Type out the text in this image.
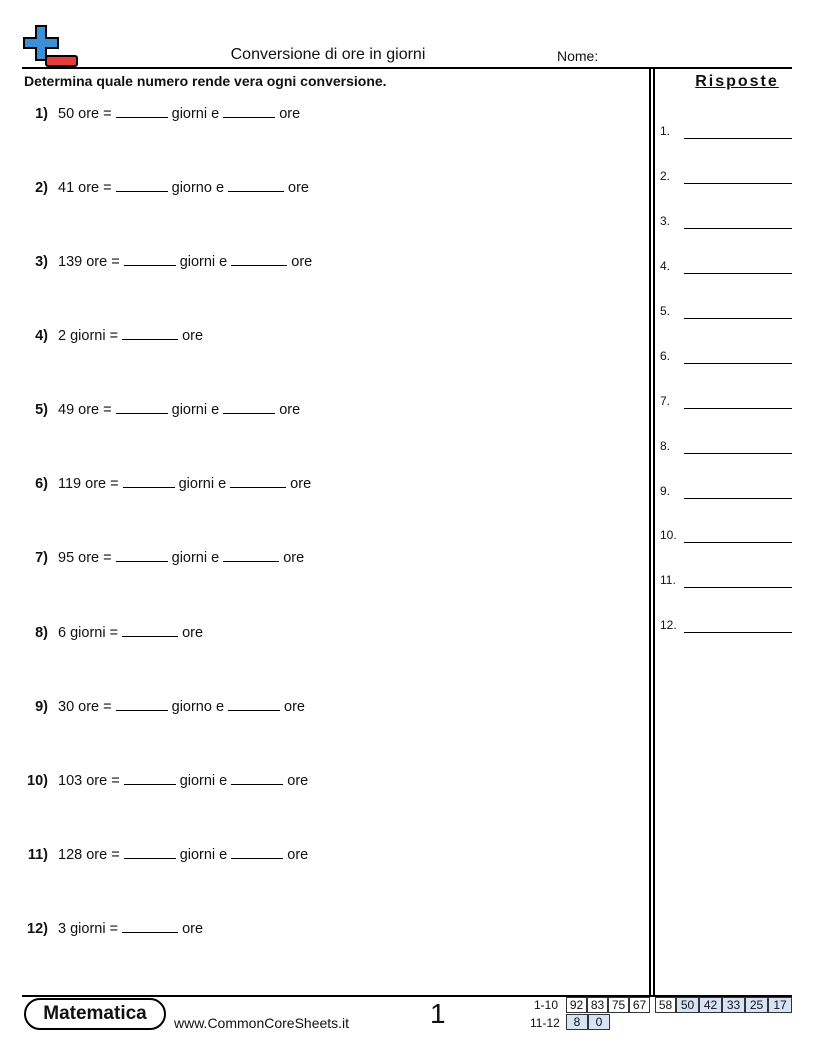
Conversione di ore in giorni	Nome:
Determina quale numero rende vera ogni conversione.
1) 50 ore =	giorni e	ore
2) 41 ore =	giorno e	ore
3) 139 ore =	giorni e	ore
4) 2 giorni =	ore
5) 49 ore =	giorni e	ore
6) 119 ore =	giorni e	ore
7) 95 ore =	giorni e	ore
8) 6 giorni =	ore
9) 30 ore =	giorno e	ore
10) 103 ore =	giorni e	ore
11) 128 ore =	giorni e	ore
12) 3 giorni =	ore
Risposte
1.
2.
3.
4.
5.
6.
7.
8.
9.
10.
11.
12.
Matematica	www.CommonCoreSheets.it	1	1-10
11-12
92 83 75 67	58 50 42 33 25 17
8	0
